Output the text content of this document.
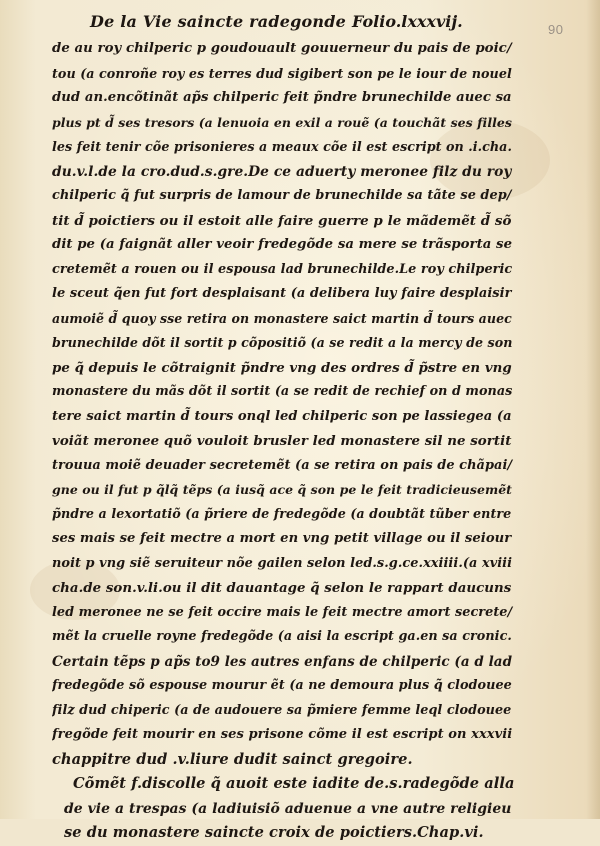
90
De la Vie saincte radegonde Folio.lxxxvij.
de au roy chilperic p goudouault gouuerneur du pais de poic/
tou (a conroñe roy es terres dud sigibert son pe le iour de nouel
dud an.encõtinãt ap̃s chilperic feit p̃ndre brunechilde auec sa
plus pt d̃ ses tresors (a lenuoia en exil a rouẽ (a touchãt ses filles
les feit tenir cõe prisonieres a meaux cõe il est escript on .i.cha.
du.v.l.de la cro.dud.s.gre.De ce aduerty meronee filz du roy
chilperic q̃ fut surpris de lamour de brunechilde sa tãte se dep/
tit d̃ poictiers ou il estoit alle faire guerre p le mãdemẽt d̃ sõ
dit pe (a faignãt aller veoir fredegõde sa mere se trãsporta se
cretemẽt a rouen ou il espousa lad brunechilde.Le roy chilperic
le sceut q̃en fut fort desplaisant (a delibera luy faire desplaisir
aumoiẽ d̃ quoy sse retira on monastere saict martin d̃ tours auec
brunechilde dõt il sortit p cõpositiõ (a se redit a la mercy de son
pe q̃ depuis le cõtraignit p̃ndre vng des ordres d̃ p̃stre en vng
monastere du mãs dõt il sortit (a se redit de rechief on d monas
tere saict martin d̃ tours onql led chilperic son pe lassiegea (a
voiãt meronee quõ vouloit brusler led monastere sil ne sortit
trouua moiẽ deuader secretemẽt (a se retira on pais de chãpai/
gne ou il fut p q̃lq̃ tẽps (a iusq̃ ace q̃ son pe le feit tradicieusemẽt
p̃ndre a lexortatiõ (a p̃riere de fredegõde (a doubtãt tũber entre
ses mais se feit mectre a mort en vng petit village ou il seiour
noit p vng siẽ seruiteur nõe gailen selon led.s.g.ce.xxiiii.(a xviii
cha.de son.v.li.ou il dit dauantage q̃ selon le rappart daucuns
led meronee ne se feit occire mais le feit mectre amort secrete/
mẽt la cruelle royne fredegõde (a aisi la escript ga.en sa cronic.
Certain tẽps p ap̃s to9 les autres enfans de chilperic (a d lad
fredegõde sõ espouse mourur ẽt (a ne demoura plus q̃ clodouee
filz dud chiperic (a de audouere sa p̃miere femme leql clodouee
fregõde feit mourir en ses prisone cõme il est escript on xxxvii
chappitre dud .v.liure dudit sainct gregoire.
Cõmẽt f.discolle q̃ auoit este iadite de.s.radegõde alla
de vie a trespas (a ladiuisiõ aduenue a vne autre religieu
se du monastere saincte croix de poictiers.Chap.vi.
